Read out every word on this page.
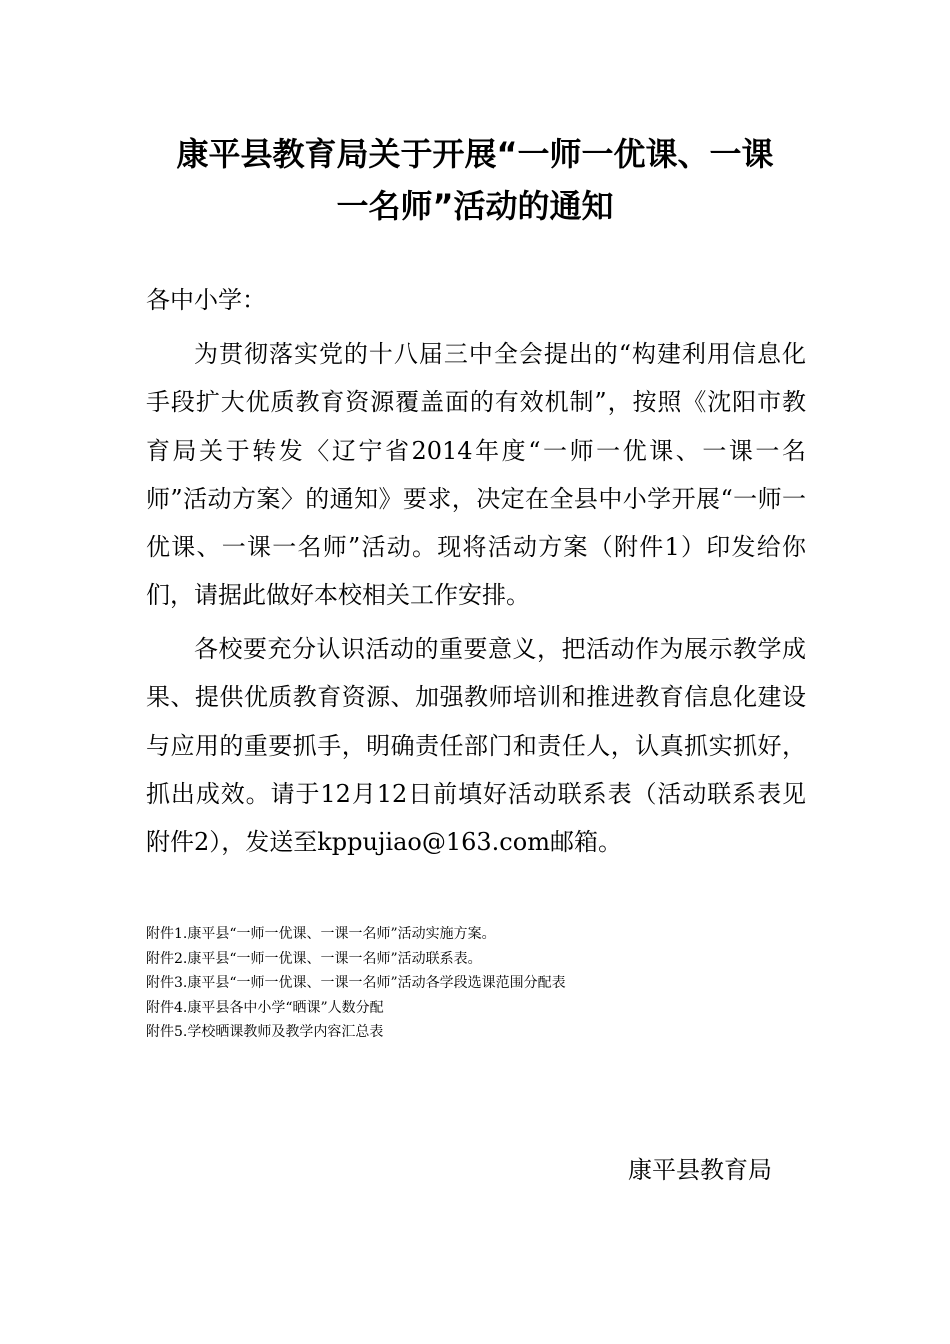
康平县教育局关于开展“一师一优课、一课
一名师”活动的通知

各中小学：

为贯彻落实党的十八届三中全会提出的“构建利用信息化手段扩大优质教育资源覆盖面的有效机制”，按照《沈阳市教育局关于转发〈辽宁省2014年度“一师一优课、一课一名师”活动方案〉的通知》要求，决定在全县中小学开展“一师一优课、一课一名师”活动。现将活动方案（附件1）印发给你们，请据此做好本校相关工作安排。

各校要充分认识活动的重要意义，把活动作为展示教学成果、提供优质教育资源、加强教师培训和推进教育信息化建设与应用的重要抓手，明确责任部门和责任人，认真抓实抓好，抓出成效。请于12月12日前填好活动联系表（活动联系表见附件2），发送至kppujiao@163.com邮箱。

附件1.康平县“一师一优课、一课一名师”活动实施方案。
附件2.康平县“一师一优课、一课一名师”活动联系表。
附件3.康平县“一师一优课、一课一名师”活动各学段选课范围分配表
附件4.康平县各中小学“晒课”人数分配
附件5.学校晒课教师及教学内容汇总表

康平县教育局
